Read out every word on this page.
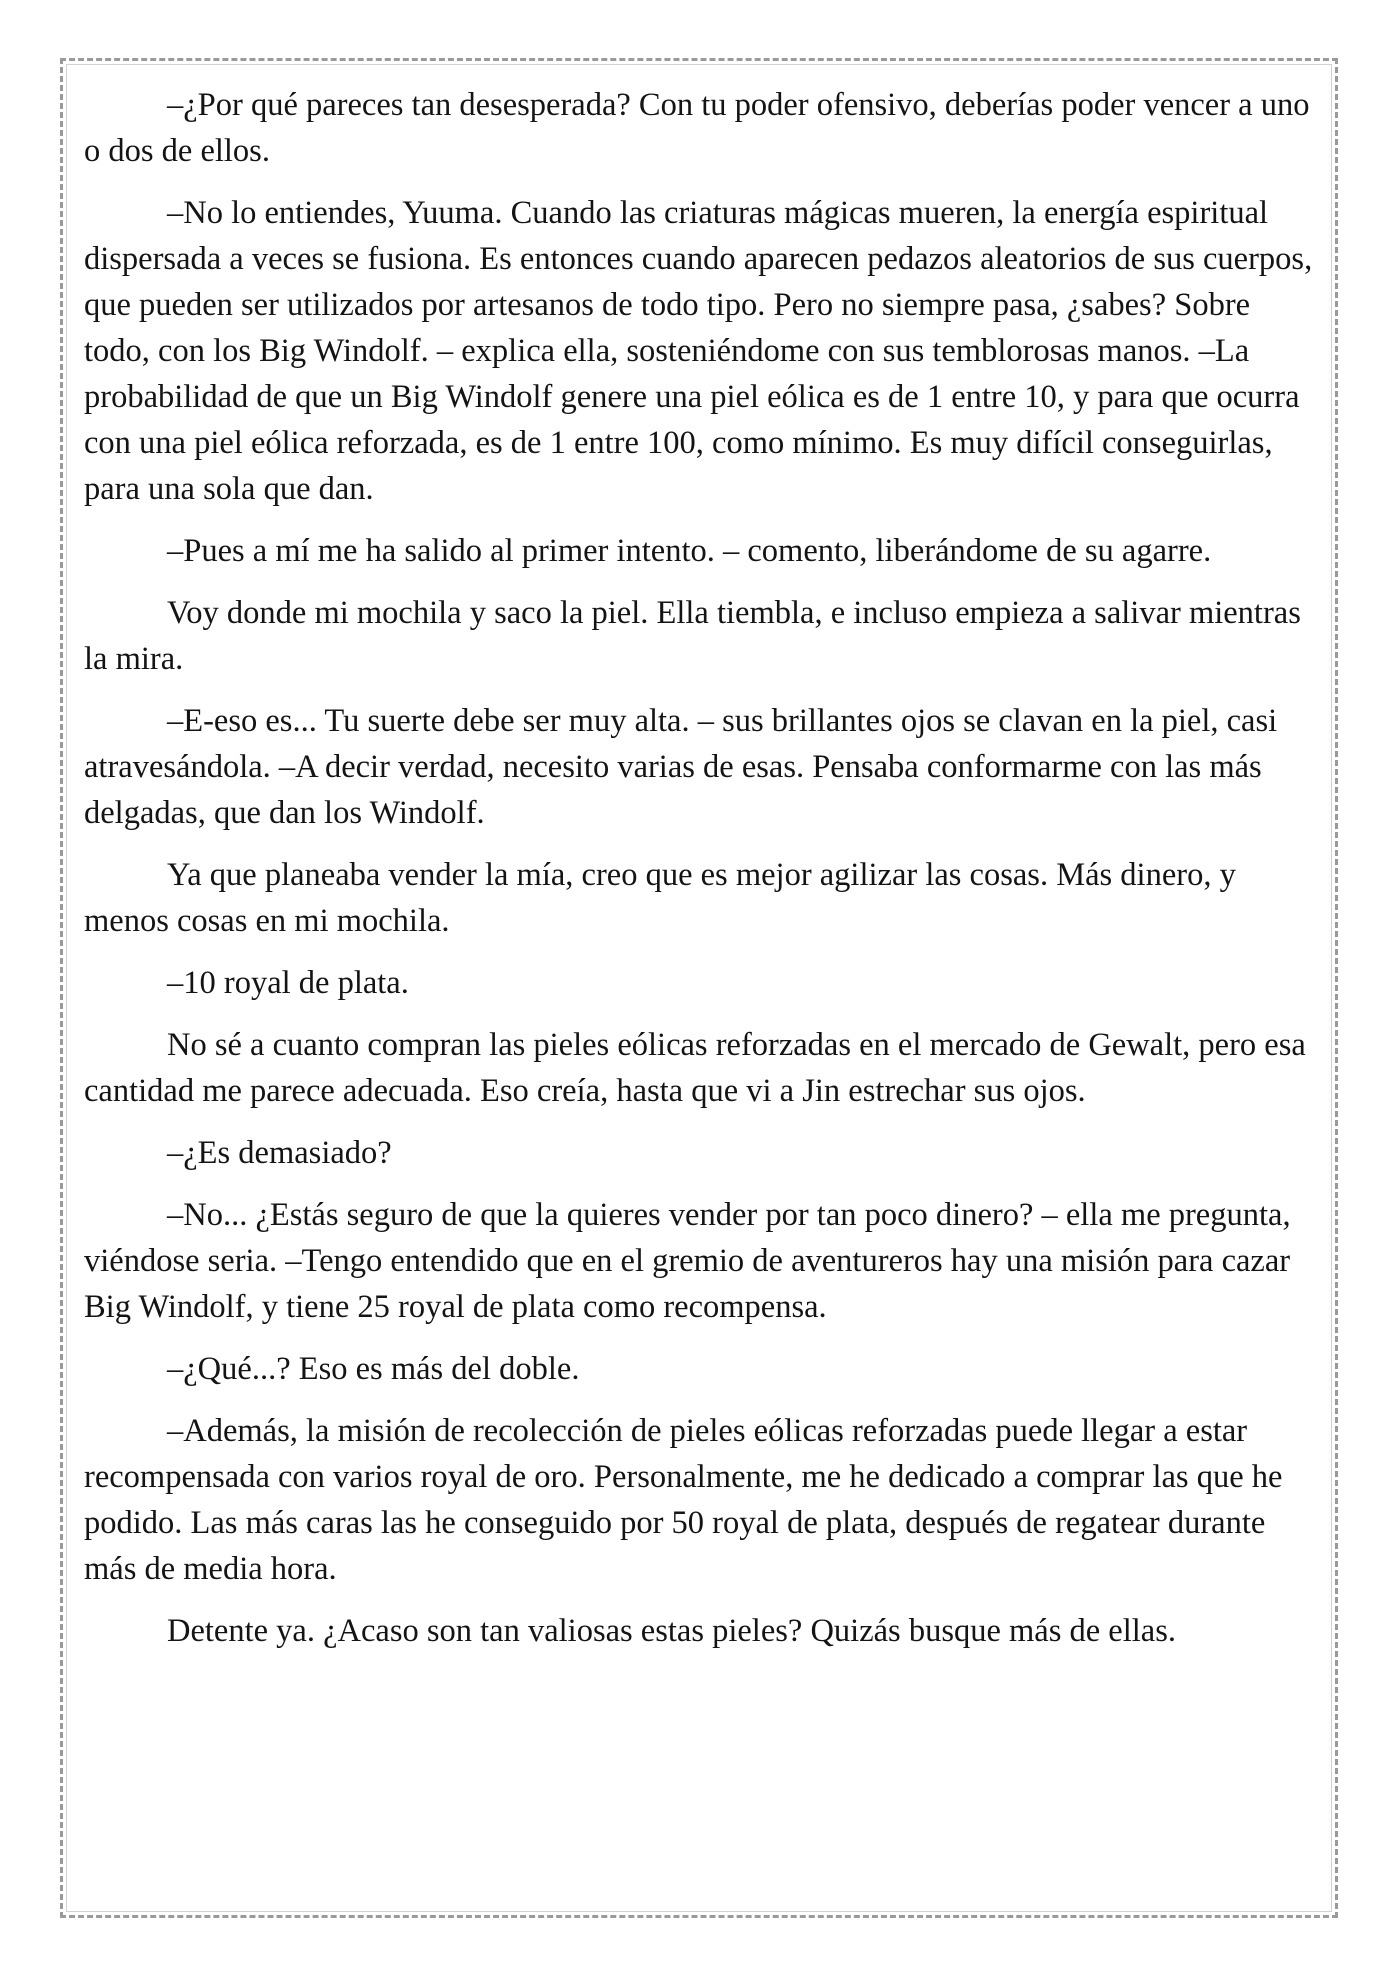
–¿Por qué pareces tan desesperada? Con tu poder ofensivo, deberías poder vencer a uno o dos de ellos.

–No lo entiendes, Yuuma. Cuando las criaturas mágicas mueren, la energía espiritual dispersada a veces se fusiona. Es entonces cuando aparecen pedazos aleatorios de sus cuerpos, que pueden ser utilizados por artesanos de todo tipo. Pero no siempre pasa, ¿sabes? Sobre todo, con los Big Windolf. – explica ella, sosteniéndome con sus temblorosas manos. –La probabilidad de que un Big Windolf genere una piel eólica es de 1 entre 10, y para que ocurra con una piel eólica reforzada, es de 1 entre 100, como mínimo. Es muy difícil conseguirlas, para una sola que dan.

–Pues a mí me ha salido al primer intento. – comento, liberándome de su agarre.

Voy donde mi mochila y saco la piel. Ella tiembla, e incluso empieza a salivar mientras la mira.

–E-eso es... Tu suerte debe ser muy alta. – sus brillantes ojos se clavan en la piel, casi atravesándola. –A decir verdad, necesito varias de esas. Pensaba conformarme con las más delgadas, que dan los Windolf.

Ya que planeaba vender la mía, creo que es mejor agilizar las cosas. Más dinero, y menos cosas en mi mochila.

–10 royal de plata.

No sé a cuanto compran las pieles eólicas reforzadas en el mercado de Gewalt, pero esa cantidad me parece adecuada. Eso creía, hasta que vi a Jin estrechar sus ojos.

–¿Es demasiado?

–No... ¿Estás seguro de que la quieres vender por tan poco dinero? – ella me pregunta, viéndose seria. –Tengo entendido que en el gremio de aventureros hay una misión para cazar Big Windolf, y tiene 25 royal de plata como recompensa.

–¿Qué...? Eso es más del doble.

–Además, la misión de recolección de pieles eólicas reforzadas puede llegar a estar recompensada con varios royal de oro. Personalmente, me he dedicado a comprar las que he podido. Las más caras las he conseguido por 50 royal de plata, después de regatear durante más de media hora.

Detente ya. ¿Acaso son tan valiosas estas pieles? Quizás busque más de ellas.
